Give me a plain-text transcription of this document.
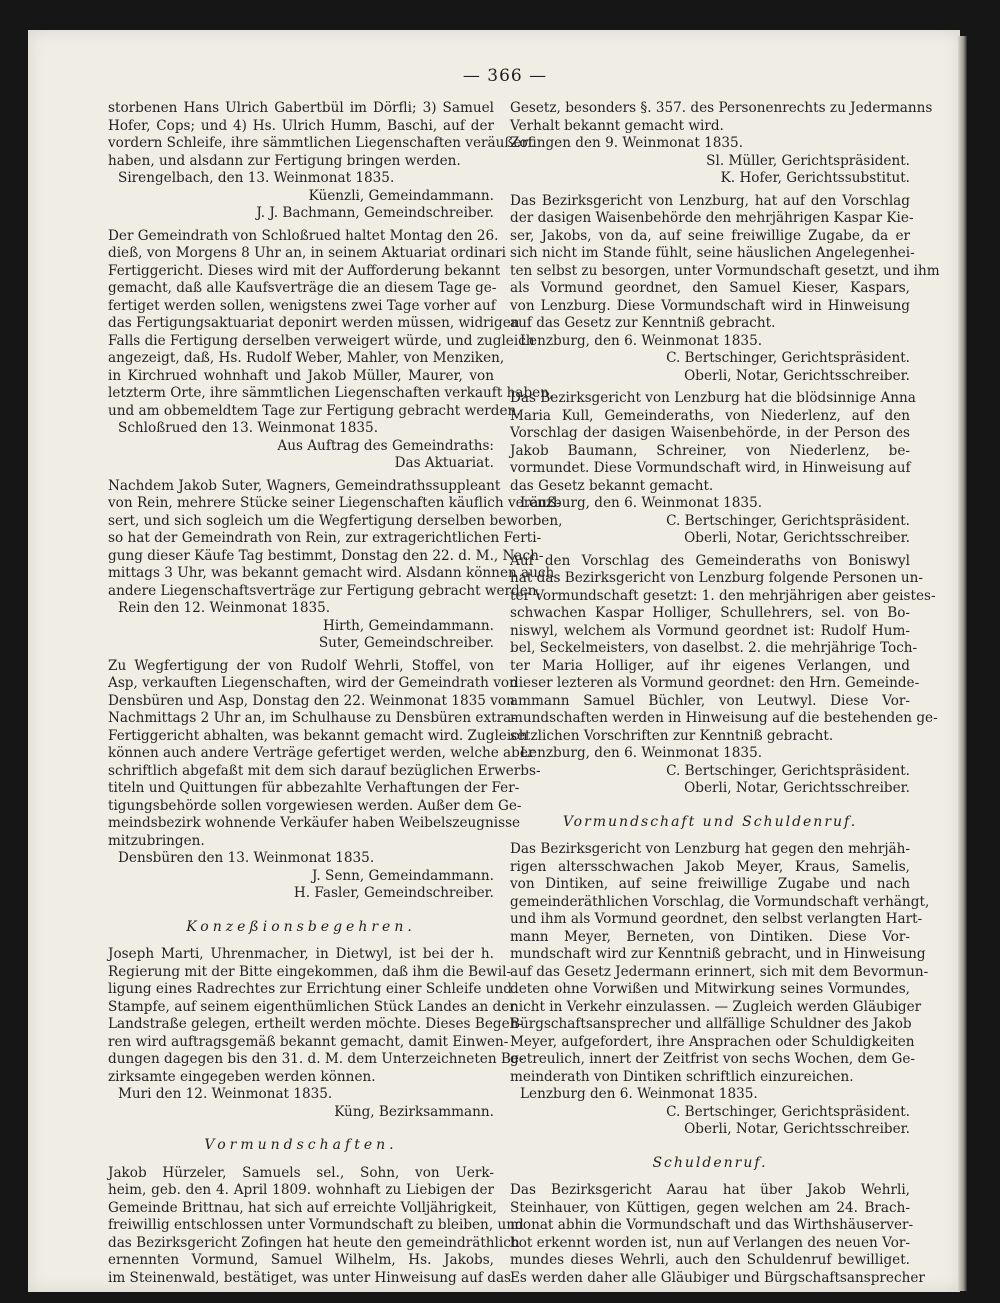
— 366 —
storbenen Hans Ulrich Gabertbül im Dörfli; 3) Samuel
Hofer, Cops; und 4) Hs. Ulrich Humm, Baschi, auf der
vordern Schleife, ihre sämmtlichen Liegenschaften veräußert
haben, und alsdann zur Fertigung bringen werden.
Sirengelbach, den 13. Weinmonat 1835.
Küenzli, Gemeindammann.
J. J. Bachmann, Gemeindschreiber.
Der Gemeindrath von Schloßrued haltet Montag den 26.
dieß, von Morgens 8 Uhr an, in seinem Aktuariat ordinari
Fertiggericht. Dieses wird mit der Aufforderung bekannt
gemacht, daß alle Kaufsverträge die an diesem Tage ge-
fertiget werden sollen, wenigstens zwei Tage vorher auf
das Fertigungsaktuariat deponirt werden müssen, widrigen
Falls die Fertigung derselben verweigert würde, und zugleich
angezeigt, daß, Hs. Rudolf Weber, Mahler, von Menziken,
in Kirchrued wohnhaft und Jakob Müller, Maurer, von
letzterm Orte, ihre sämmtlichen Liegenschaften verkauft haben,
und am obbemeldtem Tage zur Fertigung gebracht werden.
Schloßrued den 13. Weinmonat 1835.
Aus Auftrag des Gemeindraths:
Das Aktuariat.
Nachdem Jakob Suter, Wagners, Gemeindrathssuppleant
von Rein, mehrere Stücke seiner Liegenschaften käuflich veräuß-
sert, und sich sogleich um die Wegfertigung derselben beworben,
so hat der Gemeindrath von Rein, zur extragerichtlichen Ferti-
gung dieser Käufe Tag bestimmt, Donstag den 22. d. M., Nach-
mittags 3 Uhr, was bekannt gemacht wird. Alsdann können auch
andere Liegenschaftsverträge zur Fertigung gebracht werden.
Rein den 12. Weinmonat 1835.
Hirth, Gemeindammann.
Suter, Gemeindschreiber.
Zu Wegfertigung der von Rudolf Wehrli, Stoffel, von
Asp, verkauften Liegenschaften, wird der Gemeindrath von
Densbüren und Asp, Donstag den 22. Weinmonat 1835 von
Nachmittags 2 Uhr an, im Schulhause zu Densbüren extra-
Fertiggericht abhalten, was bekannt gemacht wird. Zugleich
können auch andere Verträge gefertiget werden, welche aber
schriftlich abgefaßt mit dem sich darauf bezüglichen Erwerbs-
titeln und Quittungen für abbezahlte Verhaftungen der Fer-
tigungsbehörde sollen vorgewiesen werden. Außer dem Ge-
meindsbezirk wohnende Verkäufer haben Weibelszeugnisse
mitzubringen.
Densbüren den 13. Weinmonat 1835.
J. Senn, Gemeindammann.
H. Fasler, Gemeindschreiber.
Konzeßionsbegehren.
Joseph Marti, Uhrenmacher, in Dietwyl, ist bei der h.
Regierung mit der Bitte eingekommen, daß ihm die Bewil-
ligung eines Radrechtes zur Errichtung einer Schleife und
Stampfe, auf seinem eigenthümlichen Stück Landes an der
Landstraße gelegen, ertheilt werden möchte. Dieses Begeh-
ren wird auftragsgemäß bekannt gemacht, damit Einwen-
dungen dagegen bis den 31. d. M. dem Unterzeichneten Be-
zirksamte eingegeben werden können.
Muri den 12. Weinmonat 1835.
Küng, Bezirksammann.
Vormundschaften.
Jakob Hürzeler, Samuels sel., Sohn, von Uerk-
heim, geb. den 4. April 1809. wohnhaft zu Liebigen der
Gemeinde Brittnau, hat sich auf erreichte Volljährigkeit,
freiwillig entschlossen unter Vormundschaft zu bleiben, und
das Bezirksgericht Zofingen hat heute den gemeindräthlich
ernennten Vormund, Samuel Wilhelm, Hs. Jakobs,
im Steinenwald, bestätiget, was unter Hinweisung auf das
Gesetz, besonders §. 357. des Personenrechts zu Jedermanns
Verhalt bekannt gemacht wird.
Zofingen den 9. Weinmonat 1835.
Sl. Müller, Gerichtspräsident.
K. Hofer, Gerichtssubstitut.
Das Bezirksgericht von Lenzburg, hat auf den Vorschlag
der dasigen Waisenbehörde den mehrjährigen Kaspar Kie-
ser, Jakobs, von da, auf seine freiwillige Zugabe, da er
sich nicht im Stande fühlt, seine häuslichen Angelegenhei-
ten selbst zu besorgen, unter Vormundschaft gesetzt, und ihm
als Vormund geordnet, den Samuel Kieser, Kaspars,
von Lenzburg. Diese Vormundschaft wird in Hinweisung
auf das Gesetz zur Kenntniß gebracht.
Lenzburg, den 6. Weinmonat 1835.
C. Bertschinger, Gerichtspräsident.
Oberli, Notar, Gerichtsschreiber.
Das Bezirksgericht von Lenzburg hat die blödsinnige Anna
Maria Kull, Gemeinderaths, von Niederlenz, auf den
Vorschlag der dasigen Waisenbehörde, in der Person des
Jakob Baumann, Schreiner, von Niederlenz, be-
vormundet. Diese Vormundschaft wird, in Hinweisung auf
das Gesetz bekannt gemacht.
Lenzburg, den 6. Weinmonat 1835.
C. Bertschinger, Gerichtspräsident.
Oberli, Notar, Gerichtsschreiber.
Auf den Vorschlag des Gemeinderaths von Boniswyl
hat das Bezirksgericht von Lenzburg folgende Personen un-
ter Vormundschaft gesetzt: 1. den mehrjährigen aber geistes-
schwachen Kaspar Holliger, Schullehrers, sel. von Bo-
niswyl, welchem als Vormund geordnet ist: Rudolf Hum-
bel, Seckelmeisters, von daselbst. 2. die mehrjährige Toch-
ter Maria Holliger, auf ihr eigenes Verlangen, und
dieser lezteren als Vormund geordnet: den Hrn. Gemeinde-
ammann Samuel Büchler, von Leutwyl. Diese Vor-
mundschaften werden in Hinweisung auf die bestehenden ge-
setzlichen Vorschriften zur Kenntniß gebracht.
Lenzburg, den 6. Weinmonat 1835.
C. Bertschinger, Gerichtspräsident.
Oberli, Notar, Gerichtsschreiber.
Vormundschaft und Schuldenruf.
Das Bezirksgericht von Lenzburg hat gegen den mehrjäh-
rigen altersschwachen Jakob Meyer, Kraus, Samelis,
von Dintiken, auf seine freiwillige Zugabe und nach
gemeinderäthlichen Vorschlag, die Vormundschaft verhängt,
und ihm als Vormund geordnet, den selbst verlangten Hart-
mann Meyer, Berneten, von Dintiken. Diese Vor-
mundschaft wird zur Kenntniß gebracht, und in Hinweisung
auf das Gesetz Jedermann erinnert, sich mit dem Bevormun-
deten ohne Vorwißen und Mitwirkung seines Vormundes,
nicht in Verkehr einzulassen. — Zugleich werden Gläubiger
Bürgschaftsansprecher und allfällige Schuldner des Jakob
Meyer, aufgefordert, ihre Ansprachen oder Schuldigkeiten
getreulich, innert der Zeitfrist von sechs Wochen, dem Ge-
meinderath von Dintiken schriftlich einzureichen.
Lenzburg den 6. Weinmonat 1835.
C. Bertschinger, Gerichtspräsident.
Oberli, Notar, Gerichtsschreiber.
Schuldenruf.
Das Bezirksgericht Aarau hat über Jakob Wehrli,
Steinhauer, von Küttigen, gegen welchen am 24. Brach-
monat abhin die Vormundschaft und das Wirthshäuserver-
bot erkennt worden ist, nun auf Verlangen des neuen Vor-
mundes dieses Wehrli, auch den Schuldenruf bewilliget.
Es werden daher alle Gläubiger und Bürgschaftsansprecher
